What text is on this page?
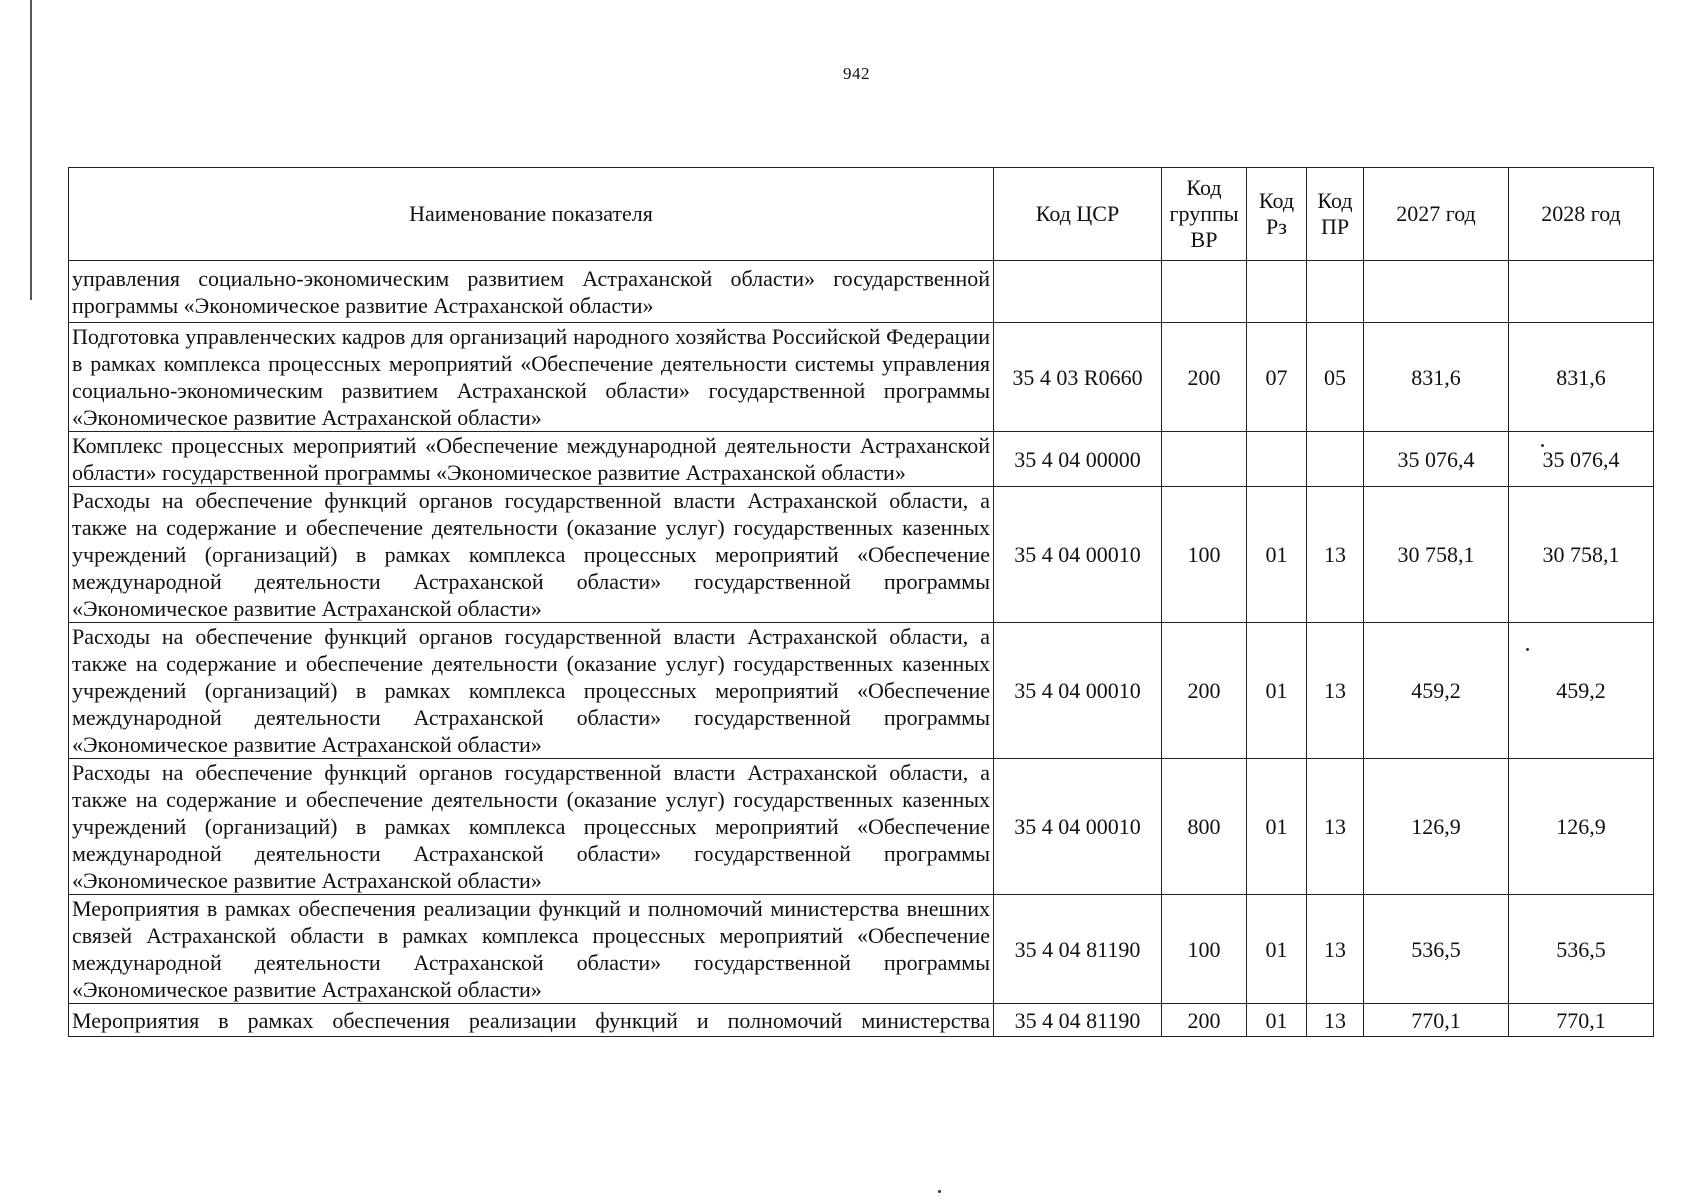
942
Наименование показателя	Код ЦСР	Код группы ВР	Код Рз	Код ПР	2027 год	2028 год
управления социально-экономическим развитием Астраханской области» государственной программы «Экономическое развитие Астраханской области»						
Подготовка управленческих кадров для организаций народного хозяйства Российской Федерации в рамках комплекса процессных мероприятий «Обеспечение деятельности системы управления социально-экономическим развитием Астраханской области» государственной программы «Экономическое развитие Астраханской области»	35 4 03 R0660	200	07	05	831,6	831,6
Комплекс процессных мероприятий «Обеспечение международной деятельности Астраханской области» государственной программы «Экономическое развитие Астраханской области»	35 4 04 00000				35 076,4	35 076,4
Расходы на обеспечение функций органов государственной власти Астраханской области, а также на содержание и обеспечение деятельности (оказание услуг) государственных казенных учреждений (организаций) в рамках комплекса процессных мероприятий «Обеспечение международной деятельности Астраханской области» государственной программы «Экономическое развитие Астраханской области»	35 4 04 00010	100	01	13	30 758,1	30 758,1
Расходы на обеспечение функций органов государственной власти Астраханской области, а также на содержание и обеспечение деятельности (оказание услуг) государственных казенных учреждений (организаций) в рамках комплекса процессных мероприятий «Обеспечение международной деятельности Астраханской области» государственной программы «Экономическое развитие Астраханской области»	35 4 04 00010	200	01	13	459,2	459,2
Расходы на обеспечение функций органов государственной власти Астраханской области, а также на содержание и обеспечение деятельности (оказание услуг) государственных казенных учреждений (организаций) в рамках комплекса процессных мероприятий «Обеспечение международной деятельности Астраханской области» государственной программы «Экономическое развитие Астраханской области»	35 4 04 00010	800	01	13	126,9	126,9
Мероприятия в рамках обеспечения реализации функций и полномочий министерства внешних связей Астраханской области в рамках комплекса процессных мероприятий «Обеспечение международной деятельности Астраханской области» государственной программы «Экономическое развитие Астраханской области»	35 4 04 81190	100	01	13	536,5	536,5
Мероприятия в рамках обеспечения реализации функций и полномочий министерства	35 4 04 81190	200	01	13	770,1	770,1
